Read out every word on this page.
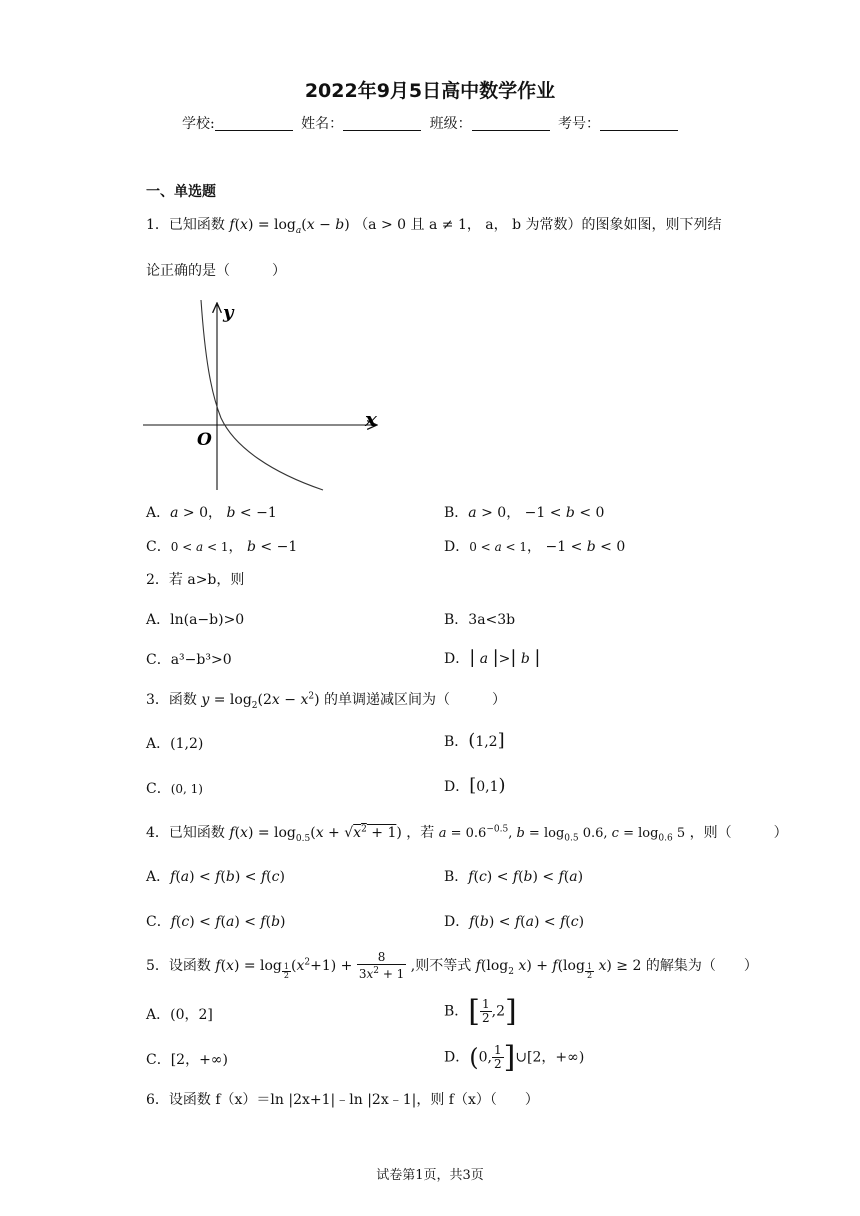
2022年9月5日高中数学作业
学校:	姓名：	班级：	考号：
一、单选题
1．已知函数 $f(x) = \log_a(x - b) (a > 0$ 且 a ≠ 1， a， b 为常数）的图象如图，则下列结
论正确的是（　　　）
y
x
O
A．a > 0， b < −1	B．a > 0， −1 < b < 0
C．0 < a < 1， b < −1	D．0 < a < 1， −1 < b < 0
2．若 a>b，则
A．ln(a−b)>0	B．3a<3b
C．a³−b³>0	D．| a |>| b |
3．函数 $y = \log_2(2x - x^2)$ 的单调递减区间为（　　　）
A．(1,2)	B．(1,2]
C．(0, 1)	D．[0,1)
4．已知函数 $f(x) = \log_{0.5}(x + √x^2 + 1)$ ，若 $a = 0.6^{-0.5}$, $b = \log_{0.5} 0.6$, $c = \log_{0.6} 5$ ，则（　　　）
A．f(a) < f(b) < f(c)	B．f(c) < f(b) < f(a)
C．f(c) < f(a) < f(b)	D．f(b) < f(a) < f(c)
5．设函数 f(x) = log $_{\frac{1}{2}}$ $(x^2+1) + \frac{8}{3x^2 + 1}$ ,则不等式 $f(\log_2$ x) + f(log $_{\frac{1}{2}}$ x) ≥ 2 的解集为（　　）
A．(0，2]	B．[ $\frac{1}{2} ,2$]
C．[2，+∞)	D．(0, $\frac{1}{2}$ ]∪[2，+∞)
6．设函数 f（x）＝ln |2x+1|﹣ln |2x﹣1|，则 f（x）（　　）
试卷第1页，共3页
